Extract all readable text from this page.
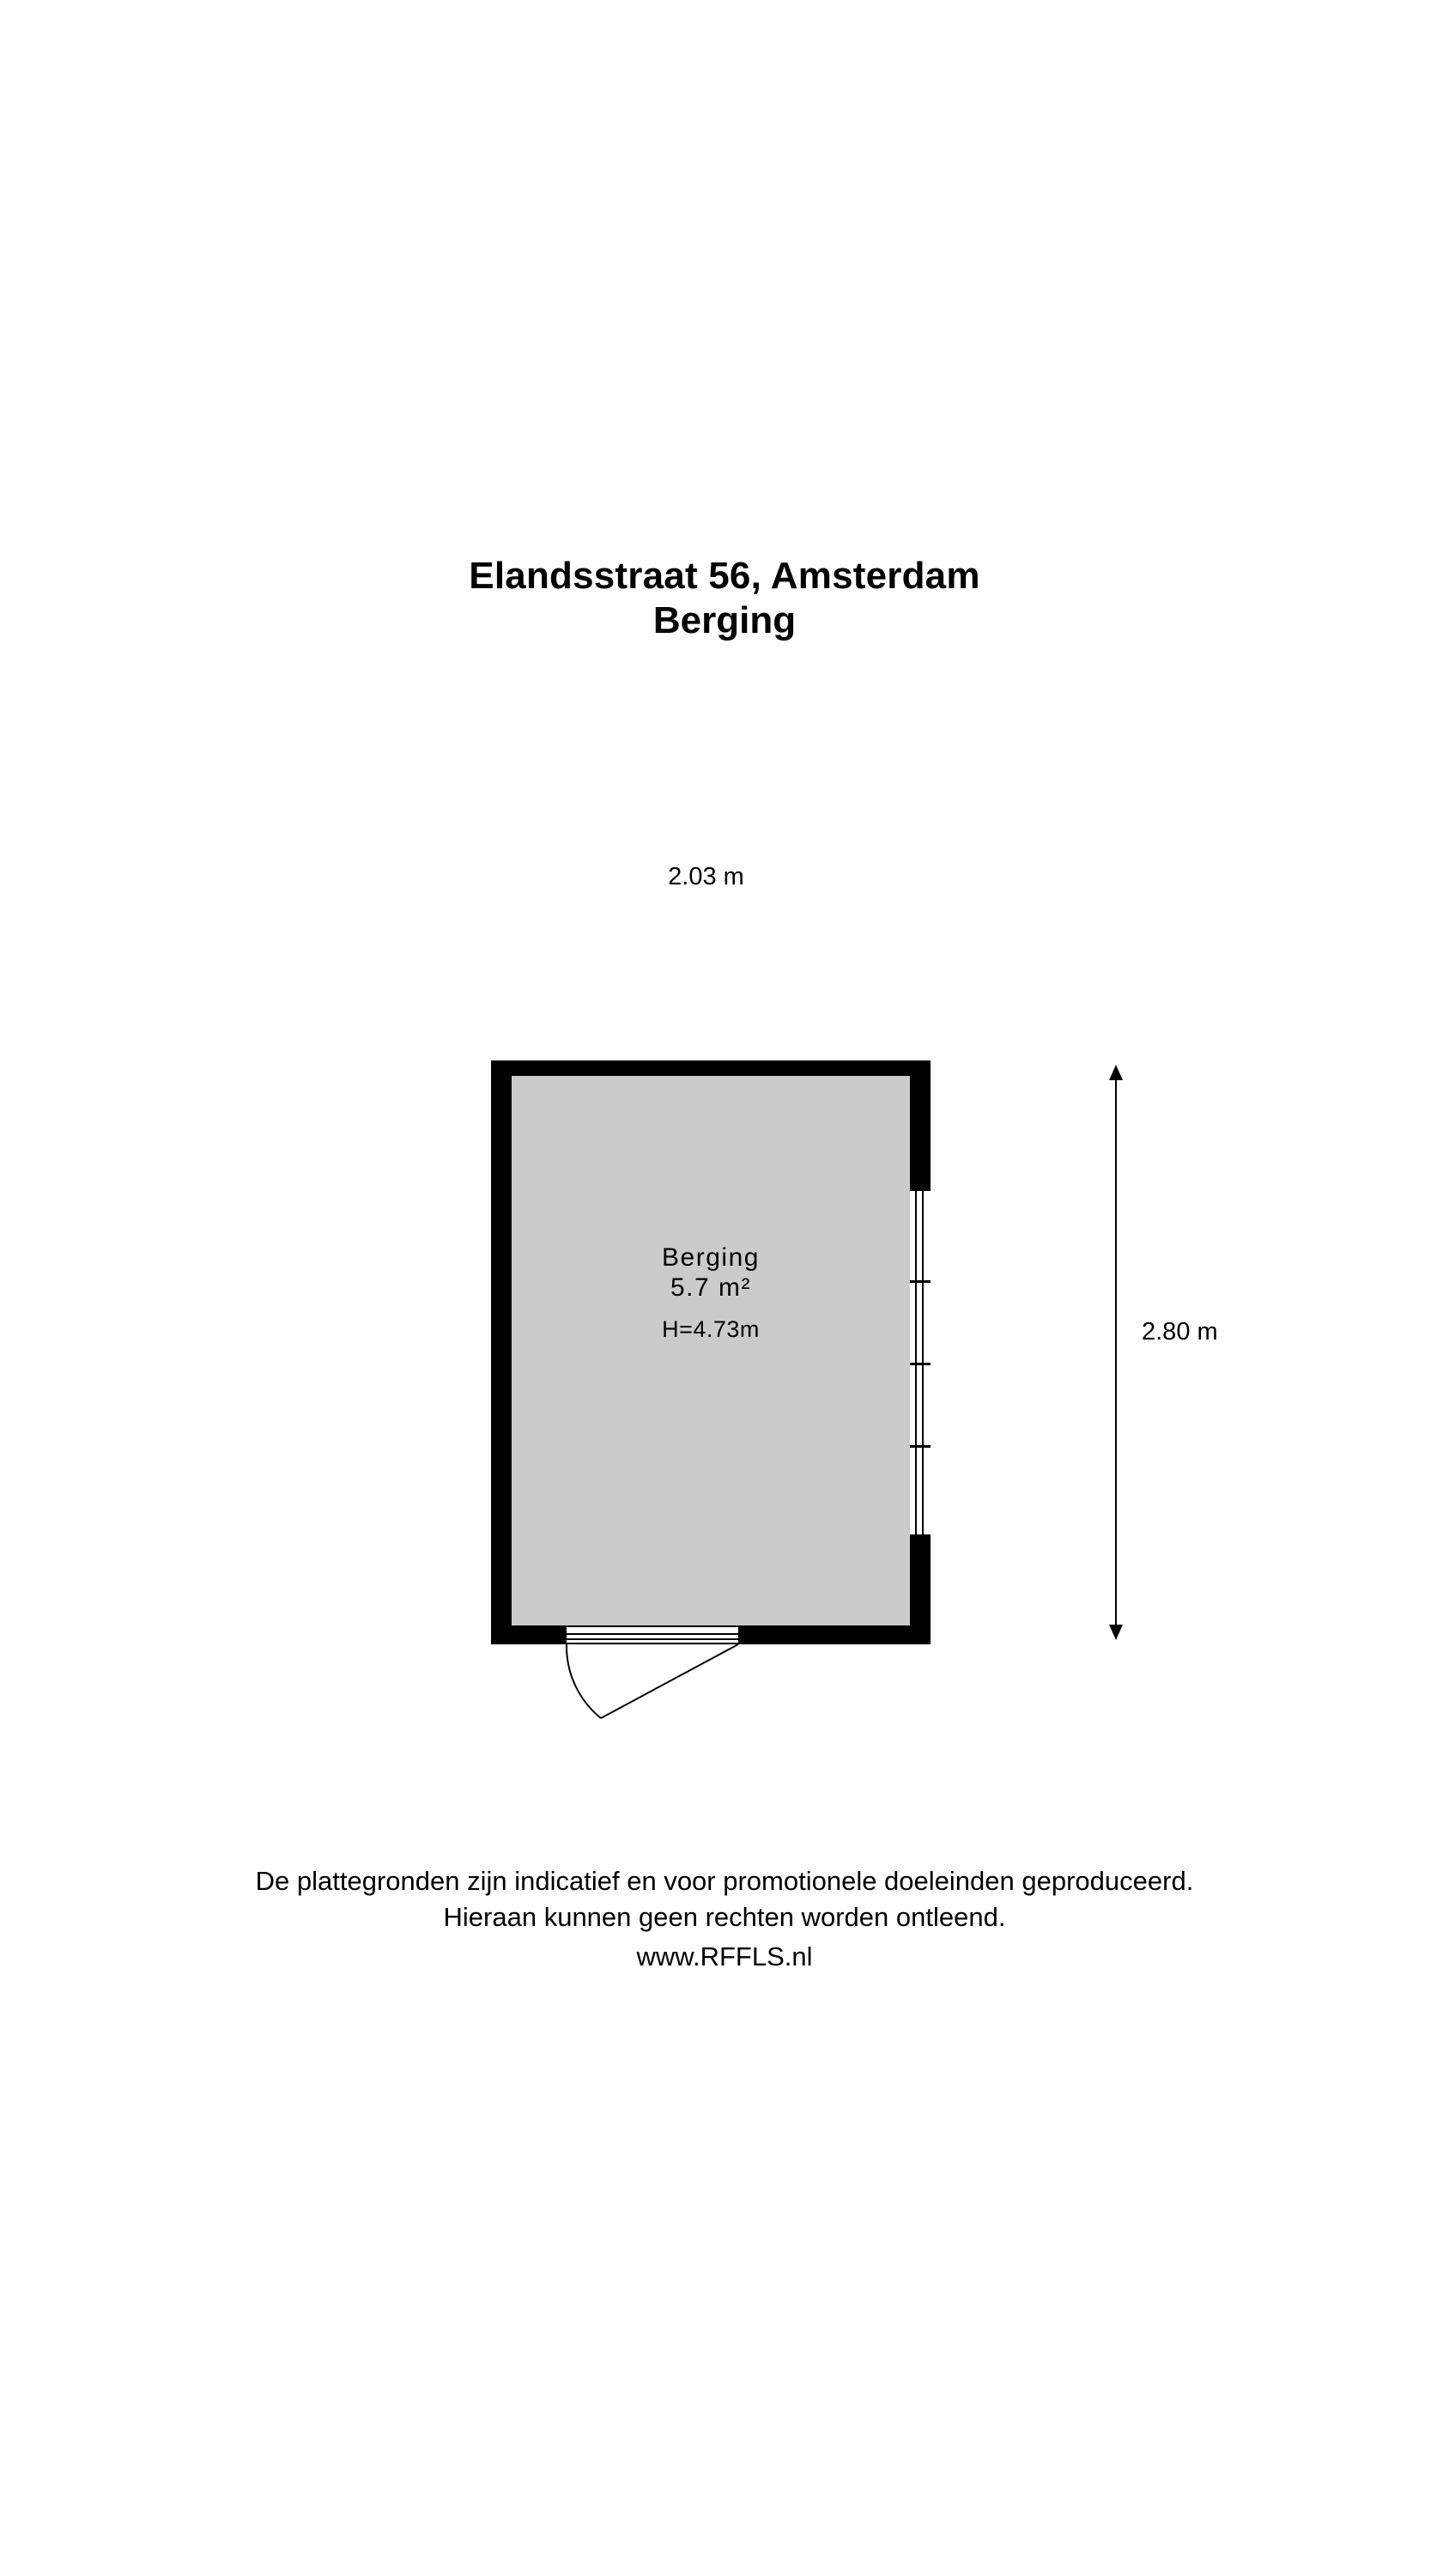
Elandsstraat 56, Amsterdam
Berging
2.03 m
2.80 m
Berging
5.7 m²
H=4.73m
De plattegronden zijn indicatief en voor promotionele doeleinden geproduceerd.
Hieraan kunnen geen rechten worden ontleend.
www.RFFLS.nl
